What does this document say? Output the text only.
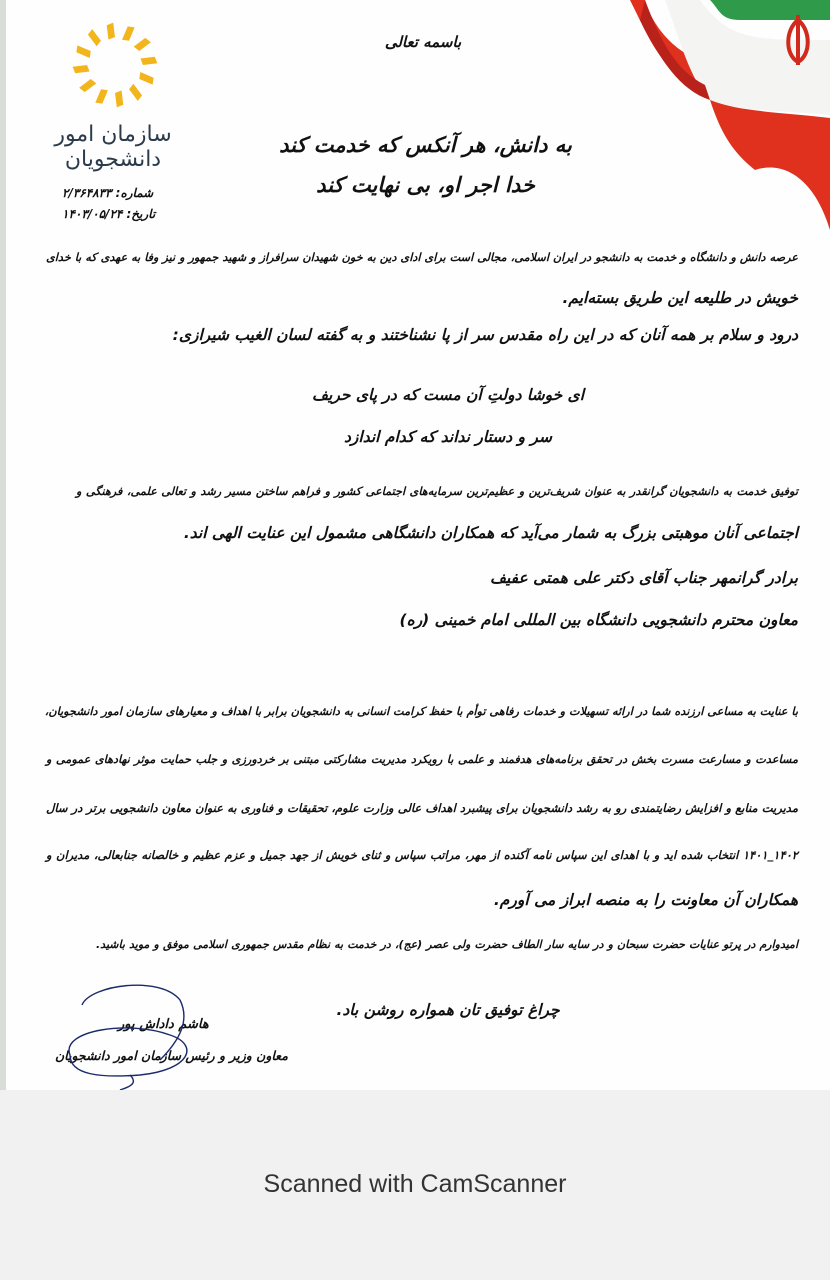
سازمان امور
دانشجویان
شماره: ۲/۳۶۴۸۳۳
تاریخ: ۱۴۰۳/۰۵/۲۴
باسمه تعالی
به دانش، هر آنکس که خدمت کند
خدا اجر او، بی نهایت کند
عرصه دانش و دانشگاه و خدمت به دانشجو در ایران اسلامی، مجالی است برای ادای دین به خون شهیدان سرافراز و شهید جمهور و نیز وفا به عهدی که با خدای
خویش در طلیعه این طریق بسته‌ایم.
درود و سلام بر همه آنان که در این راه مقدس سر از پا نشناختند و به گفته لسان الغیب شیرازی:
ای خوشا دولتِ آن مست که در پای حریف
سر و دستار نداند که کدام اندازد
توفیق خدمت به دانشجویان گرانقدر به عنوان شریف‌ترین و عظیم‌ترین سرمایه‌های اجتماعی کشور و فراهم ساختن مسیر رشد و تعالی علمی، فرهنگی و
اجتماعی آنان موهبتی بزرگ به شمار می‌آید که همکاران دانشگاهی مشمول این عنایت الهی اند.
برادر گرانمهر جناب آقای دکتر علی همتی عفیف
معاون محترم دانشجویی دانشگاه بین المللی امام خمینی (ره)
با عنایت به مساعی ارزنده شما در ارائه تسهیلات و خدمات رفاهی توأم با حفظ کرامت انسانی به دانشجویان برابر با اهداف و معیارهای سازمان امور دانشجویان،
مساعدت و مسارعت مسرت بخش در تحقق برنامه‌های هدفمند و علمی با رویکرد مدیریت مشارکتی مبتنی بر خردورزی و جلب حمایت موثر نهادهای عمومی و
مدیریت منابع و افزایش رضایتمندی رو به رشد دانشجویان برای پیشبرد اهداف عالی وزارت علوم، تحقیقات و فناوری به عنوان معاون دانشجویی برتر در سال
۱۴۰۲_۱۴۰۱ انتخاب شده اید و با اهدای این سپاس نامه آکنده از مهر، مراتب سپاس و ثنای خویش از جهد جمیل و عزم عظیم و خالصانه جنابعالی، مدیران و
همکاران آن معاونت را به منصه ابراز می آورم.
امیدوارم در پرتو عنایات حضرت سبحان و در سایه سار الطاف حضرت ولی عصر (عج)، در خدمت به نظام مقدس جمهوری اسلامی موفق و موید باشید.
چراغ توفیق تان همواره روشن باد.
هاشم داداش پور
معاون وزیر و رئیس سازمان امور دانشجویان
Scanned with CamScanner
